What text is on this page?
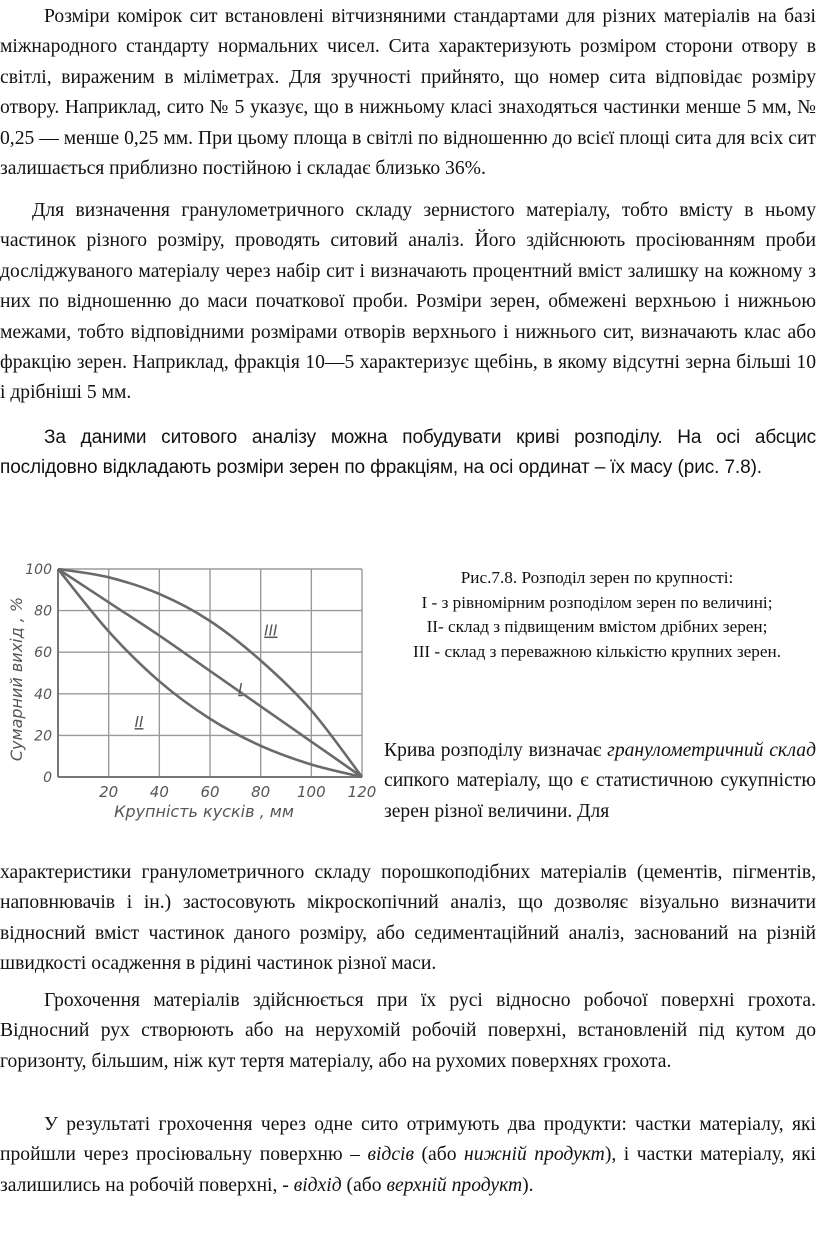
Розміри комірок сит встановлені вітчизняними стандартами для різних матеріалів на базі міжнародного стандарту нормальних чисел. Сита характеризують розміром сторони отвору в світлі, вираженим в міліметрах. Для зручності прийнято, що номер сита відповідає розміру отвору. Наприклад, сито № 5 указує, що в нижньому класі знаходяться частинки менше 5 мм, № 0,25 — менше 0,25 мм. При цьому площа в світлі по відношенню до всієї площі сита для всіх сит залишається приблизно постійною і складає близько 36%.

Для визначення гранулометричного складу зернистого матеріалу, тобто вмісту в ньому частинок різного розміру, проводять ситовий аналіз. Його здійснюють просіюванням проби досліджуваного матеріалу через набір сит і визначають процентний вміст залишку на кожному з них по відношенню до маси початкової проби. Розміри зерен, обмежені верхньою і нижньою межами, тобто відповідними розмірами отворів верхнього і нижнього сит, визначають клас або фракцію зерен. Наприклад, фракція 10—5 характеризує щебінь, в якому відсутні зерна більші 10 і дрібніші 5 мм.

За даними ситового аналізу можна побудувати криві розподілу. На осі абсцис послідовно відкладають розміри зерен по фракціям, на осі ординат – їх масу (рис. 7.8).

0
20
40
60
80
100
20 40 60 80 100 120
Крупність кусків , мм
Сумарний вихід , %	I
II
III
Рис.7.8. Розподіл зерен по крупності:
I - з рівномірним розподілом зерен по величині;
II- склад з підвищеним вмістом дрібних зерен;
III - склад з переважною кількістю крупних зерен.

Крива розподілу визначає гранулометричний склад сипкого матеріалу, що є статистичною сукупністю зерен різної величини. Для

характеристики гранулометричного складу порошкоподібних матеріалів (цементів, пігментів, наповнювачів і ін.) застосовують мікроскопічний аналіз, що дозволяє візуально визначити відносний вміст частинок даного розміру, або седиментаційний аналіз, заснований на різній швидкості осадження в рідині частинок різної маси.

Грохочення матеріалів здійснюється при їх русі відносно робочої поверхні грохота. Відносний рух створюють або на нерухомій робочій поверхні, встановленій під кутом до горизонту, більшим, ніж кут тертя матеріалу, або на рухомих поверхнях грохота.

У результаті грохочення через одне сито отримують два продукти: частки матеріалу, які пройшли через просіювальну поверхню – відсів (або нижній продукт), і частки матеріалу, які залишились на робочій поверхні, - відхід (або верхній продукт).
